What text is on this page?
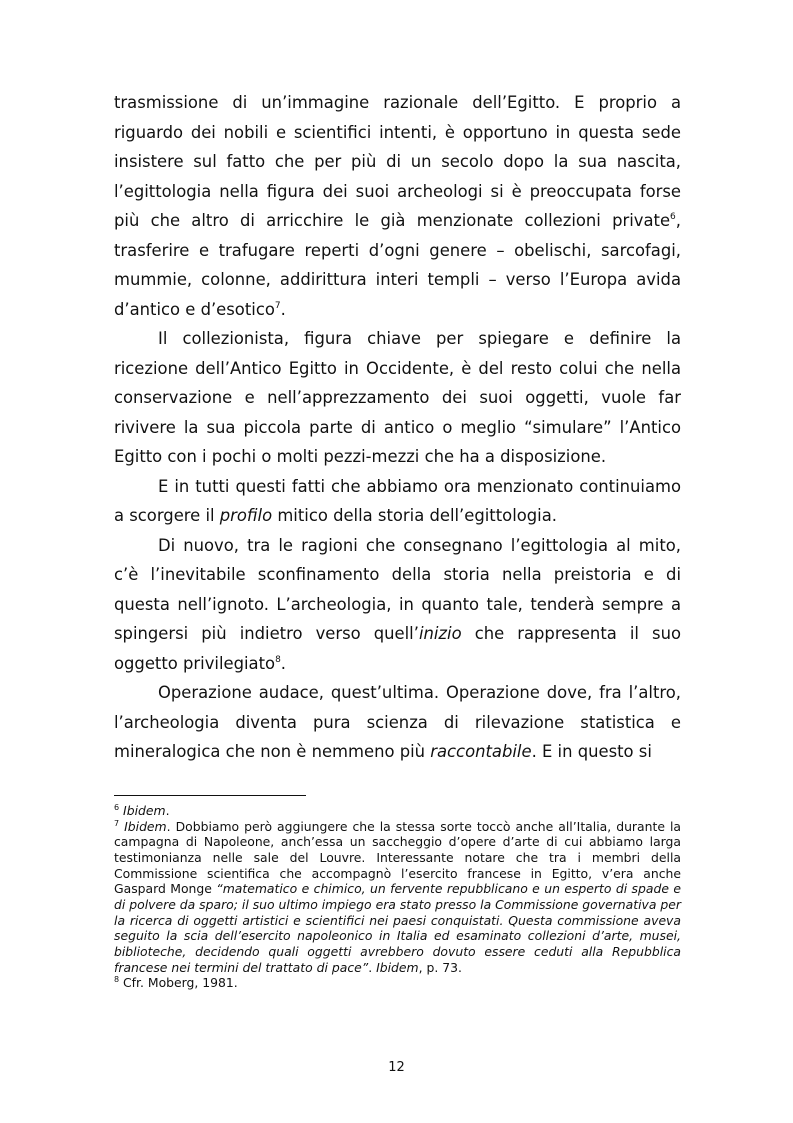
trasmissione di un’immagine razionale dell’Egitto. E proprio a riguardo dei nobili e scientifici intenti, è opportuno in questa sede insistere sul fatto che per più di un secolo dopo la sua nascita, l’egittologia nella figura dei suoi archeologi si è preoccupata forse più che altro di arricchire le già menzionate collezioni private$^6$, trasferire e trafugare reperti d’ogni genere – obelischi, sarcofagi, mummie, colonne, addirittura interi templi – verso l’Europa avida d’antico e d’esotico$^7$.

Il collezionista, figura chiave per spiegare e definire la ricezione dell’Antico Egitto in Occidente, è del resto colui che nella conservazione e nell’apprezzamento dei suoi oggetti, vuole far rivivere la sua piccola parte di antico o meglio “simulare” l’Antico Egitto con i pochi o molti pezzi-mezzi che ha a disposizione.

E in tutti questi fatti che abbiamo ora menzionato continuiamo a scorgere il profilo mitico della storia dell’egittologia.

Di nuovo, tra le ragioni che consegnano l’egittologia al mito, c’è l’inevitabile sconfinamento della storia nella preistoria e di questa nell’ignoto. L’archeologia, in quanto tale, tenderà sempre a spingersi più indietro verso quell’inizio che rappresenta il suo oggetto privilegiato$^8$.

Operazione audace, quest’ultima. Operazione dove, fra l’altro, l’archeologia diventa pura scienza di rilevazione statistica e mineralogica che non è nemmeno più raccontabile. E in questo si

$^6$ Ibidem.

$^7$ Ibidem. Dobbiamo però aggiungere che la stessa sorte toccò anche all’Italia, durante la campagna di Napoleone, anch’essa un saccheggio d’opere d’arte di cui abbiamo larga testimonianza nelle sale del Louvre. Interessante notare che tra i membri della Commissione scientifica che accompagnò l’esercito francese in Egitto, v’era anche Gaspard Monge “matematico e chimico, un fervente repubblicano e un esperto di spade e di polvere da sparo; il suo ultimo impiego era stato presso la Commissione governativa per la ricerca di oggetti artistici e scientifici nei paesi conquistati. Questa commissione aveva seguito la scia dell’esercito napoleonico in Italia ed esaminato collezioni d’arte, musei, biblioteche, decidendo quali oggetti avrebbero dovuto essere ceduti alla Repubblica francese nei termini del trattato di pace”. Ibidem, p. 73.

$^8$ Cfr. Moberg, 1981.

12
